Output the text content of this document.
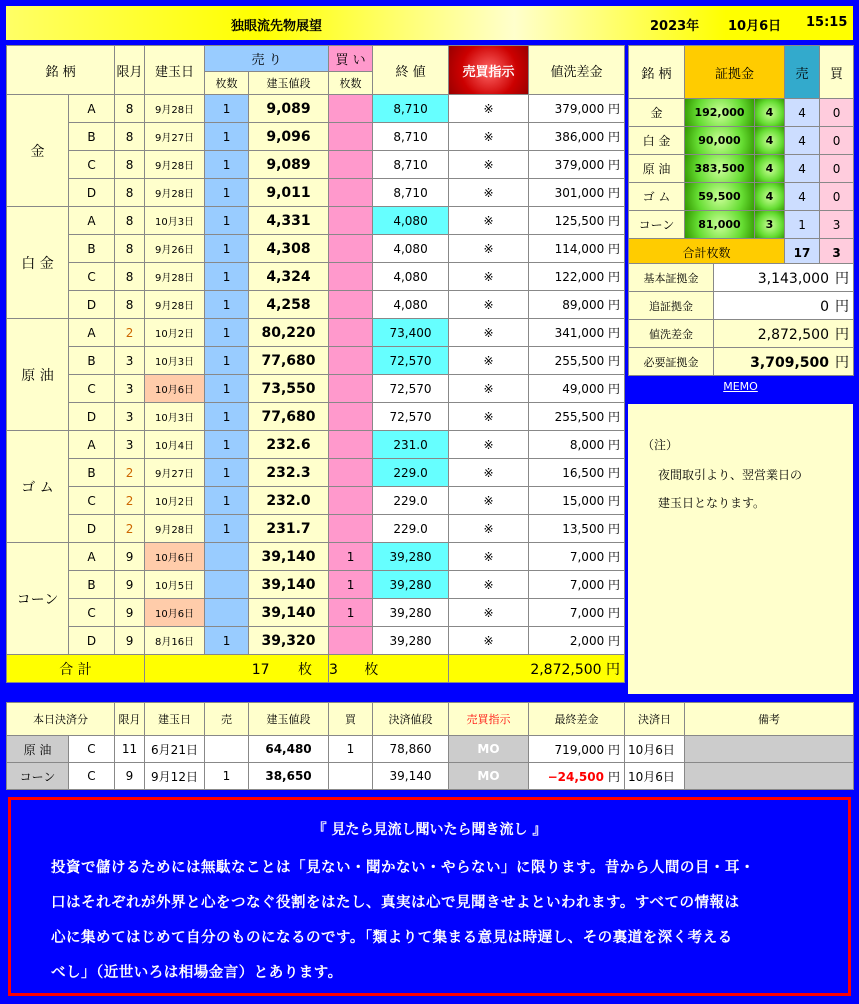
独眼流先物展望	2023年 10月6日 15:15
銘 柄		限月	建玉日	売 り		買 い	終 値	売買指示	値洗差金
				枚数	建玉値段	枚数			
金	A	8	9月28日	1	9,089		8,710	※	379,000 円
	B	8	9月27日	1	9,096		8,710	※	386,000 円
	C	8	9月28日	1	9,089		8,710	※	379,000 円
	D	8	9月28日	1	9,011		8,710	※	301,000 円
白 金	A	8	10月3日	1	4,331		4,080	※	125,500 円
	B	8	9月26日	1	4,308		4,080	※	114,000 円
	C	8	9月28日	1	4,324		4,080	※	122,000 円
	D	8	9月28日	1	4,258		4,080	※	89,000 円
原 油	A	2	10月2日	1	80,220		73,400	※	341,000 円
	B	3	10月3日	1	77,680		72,570	※	255,500 円
	C	3	10月6日	1	73,550		72,570	※	49,000 円
	D	3	10月3日	1	77,680		72,570	※	255,500 円
ゴ ム	A	3	10月4日	1	232.6		231.0	※	8,000 円
	B	2	9月27日	1	232.3		229.0	※	16,500 円
	C	2	10月2日	1	232.0		229.0	※	15,000 円
	D	2	9月28日	1	231.7		229.0	※	13,500 円
コーン	A	9	10月6日		39,140	1	39,280	※	7,000 円
	B	9	10月5日		39,140	1	39,280	※	7,000 円
	C	9	10月6日		39,140	1	39,280	※	7,000 円
	D	9	8月16日	1	39,320		39,280	※	2,000 円
合 計			17 枚			3 枚		2,872,500 円	
銘 柄	証拠金		売	買
金	192,000	4	4	0
白 金	90,000	4	4	0
原 油	383,500	4	4	0
ゴ ム	59,500	4	4	0
コーン	81,000	3	1	3
合計枚数			17	3
基本証拠金	3,143,000 円
追証拠金	0 円
値洗差金	2,872,500 円
必要証拠金	3,709,500 円
MEMO
（注）
夜間取引より、翌営業日の
建玉日となります。
本日決済分		限月	建玉日	売	建玉値段	買	決済値段	売買指示	最終差金	決済日	備考
原 油	C	11	6月21日		64,480	1	78,860	MO	719,000 円	10月6日	
コーン	C	9	9月12日	1	38,650		39,140	MO	−24,500 円	10月6日	
『 見たら見流し聞いたら聞き流し 』
投資で儲けるためには無駄なことは「見ない・聞かない・やらない」に限ります。昔から人間の目・耳・
口はそれぞれが外界と心をつなぐ役割をはたし、真実は心で見聞きせよといわれます。すべての情報は
心に集めてはじめて自分のものになるのです。「類よりて集まる意見は時遅し、その裏道を深く考える
べし」（近世いろは相場金言）とあります。
